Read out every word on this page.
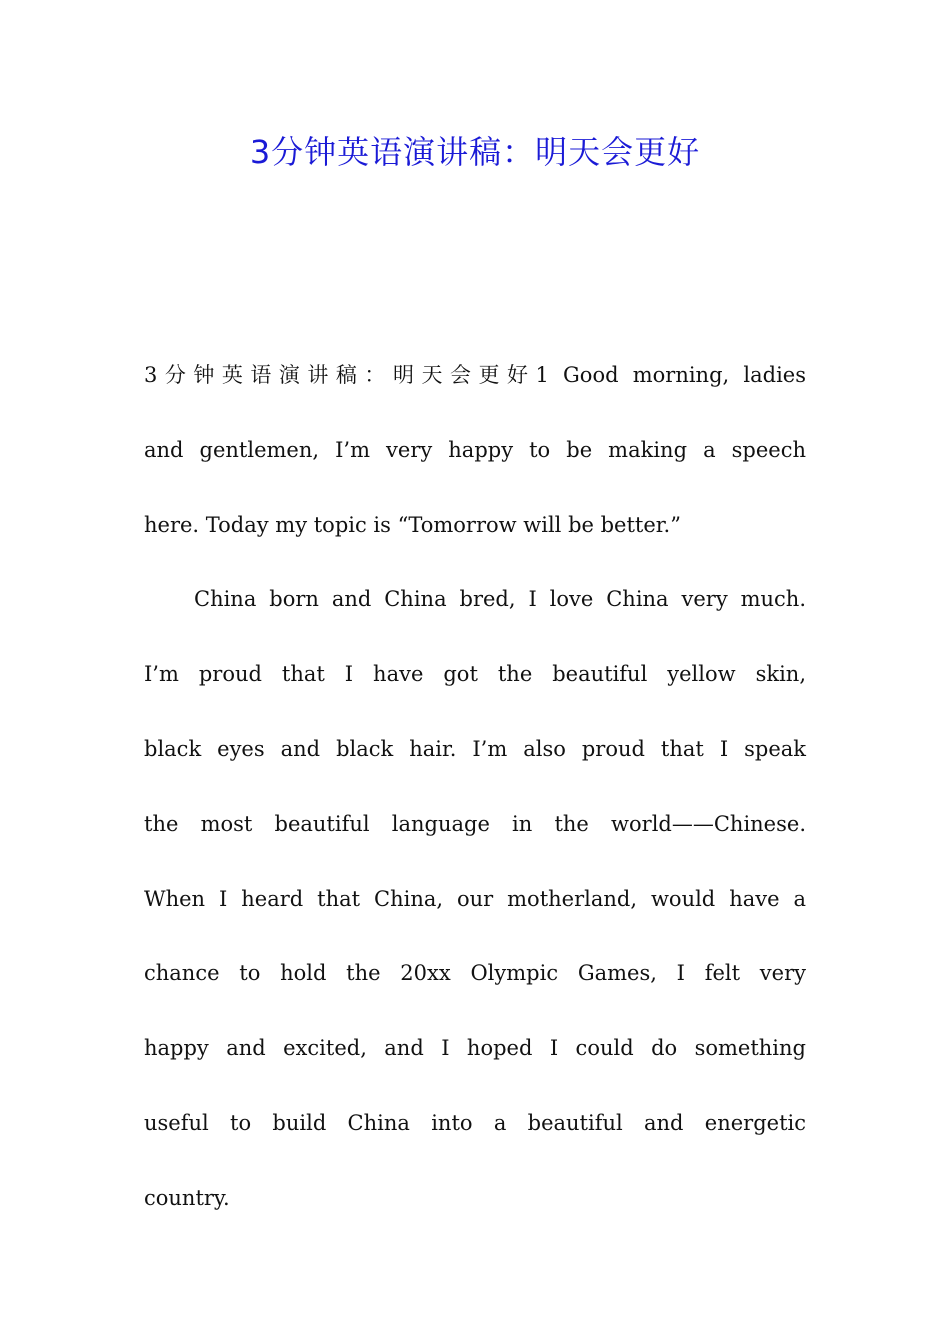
3分钟英语演讲稿：明天会更好
3分钟英语演讲稿：明天会更好1 Good morning, ladies
and gentlemen, I’m very happy to be making a speech
here. Today my topic is “Tomorrow will be better.”
China born and China bred, I love China very much.
I’m proud that I have got the beautiful yellow skin,
black eyes and black hair. I’m also proud that I speak
the most beautiful language in the world——Chinese.
When I heard that China, our motherland, would have a
chance to hold the 20xx Olympic Games, I felt very
happy and excited, and I hoped I could do something
useful to build China into a beautiful and energetic
country.
